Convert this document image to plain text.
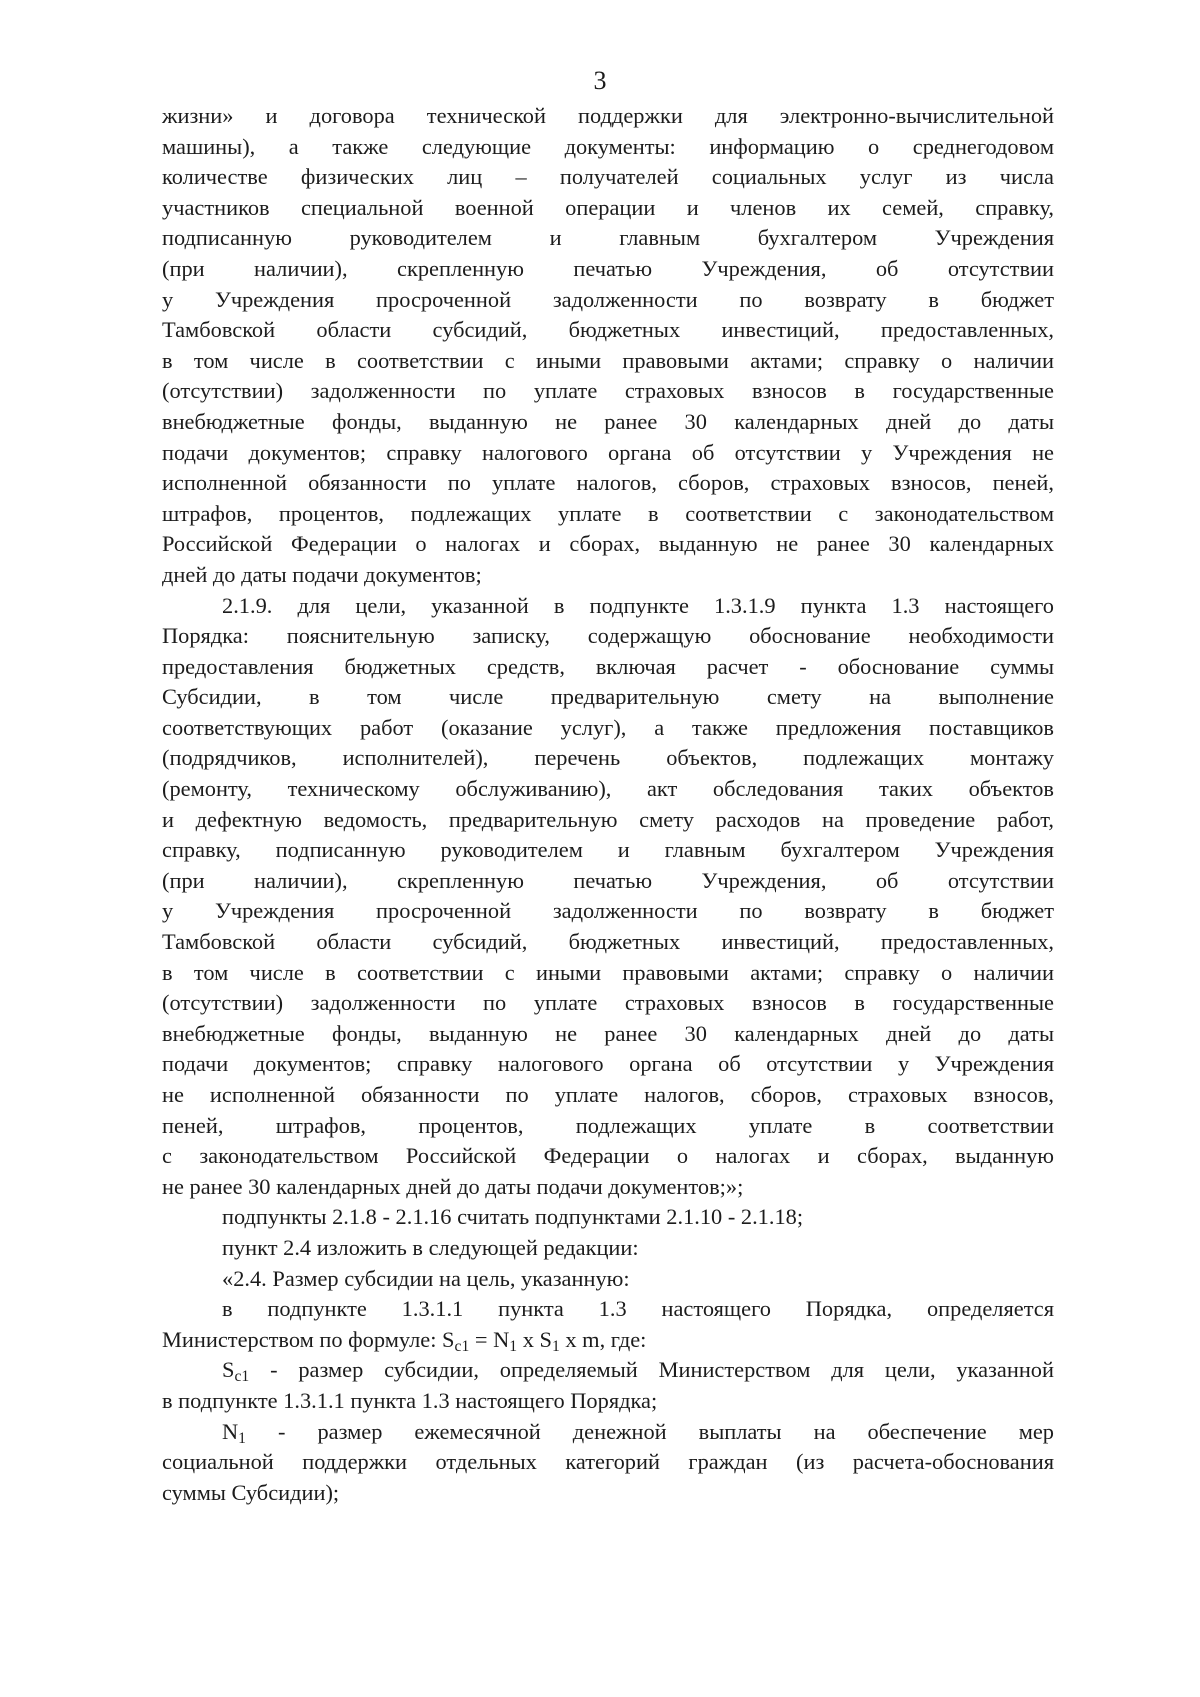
3
жизни» и договора технической поддержки для электронно-вычислительной
машины), а также следующие документы: информацию о среднегодовом
количестве физических лиц – получателей социальных услуг из числа
участников специальной военной операции и членов их семей, справку,
подписанную руководителем и главным бухгалтером Учреждения
(при наличии), скрепленную печатью Учреждения, об отсутствии
у Учреждения просроченной задолженности по возврату в бюджет
Тамбовской области субсидий, бюджетных инвестиций, предоставленных,
в том числе в соответствии с иными правовыми актами; справку о наличии
(отсутствии) задолженности по уплате страховых взносов в государственные
внебюджетные фонды, выданную не ранее 30 календарных дней до даты
подачи документов; справку налогового органа об отсутствии у Учреждения не
исполненной обязанности по уплате налогов, сборов, страховых взносов, пеней,
штрафов, процентов, подлежащих уплате в соответствии с законодательством
Российской Федерации о налогах и сборах, выданную не ранее 30 календарных
дней до даты подачи документов;
2.1.9. для цели, указанной в подпункте 1.3.1.9 пункта 1.3 настоящего
Порядка: пояснительную записку, содержащую обоснование необходимости
предоставления бюджетных средств, включая расчет - обоснование суммы
Субсидии, в том числе предварительную смету на выполнение
соответствующих работ (оказание услуг), а также предложения поставщиков
(подрядчиков, исполнителей), перечень объектов, подлежащих монтажу
(ремонту, техническому обслуживанию), акт обследования таких объектов
и дефектную ведомость, предварительную смету расходов на проведение работ,
справку, подписанную руководителем и главным бухгалтером Учреждения
(при наличии), скрепленную печатью Учреждения, об отсутствии
у Учреждения просроченной задолженности по возврату в бюджет
Тамбовской области субсидий, бюджетных инвестиций, предоставленных,
в том числе в соответствии с иными правовыми актами; справку о наличии
(отсутствии) задолженности по уплате страховых взносов в государственные
внебюджетные фонды, выданную не ранее 30 календарных дней до даты
подачи документов; справку налогового органа об отсутствии у Учреждения
не исполненной обязанности по уплате налогов, сборов, страховых взносов,
пеней, штрафов, процентов, подлежащих уплате в соответствии
с законодательством Российской Федерации о налогах и сборах, выданную
не ранее 30 календарных дней до даты подачи документов;»;
подпункты 2.1.8 - 2.1.16 считать подпунктами 2.1.10 - 2.1.18;
пункт 2.4 изложить в следующей редакции:
«2.4. Размер субсидии на цель, указанную:
в подпункте 1.3.1.1 пункта 1.3 настоящего Порядка, определяется
Министерством по формуле: $S_{c1} = N_1$ x $S_1$ x m, где:
$S_{c1}$ - размер субсидии, определяемый Министерством для цели, указанной
в подпункте 1.3.1.1 пункта 1.3 настоящего Порядка;
$N_1$ - размер ежемесячной денежной выплаты на обеспечение мер
социальной поддержки отдельных категорий граждан (из расчета-обоснования
суммы Субсидии);
